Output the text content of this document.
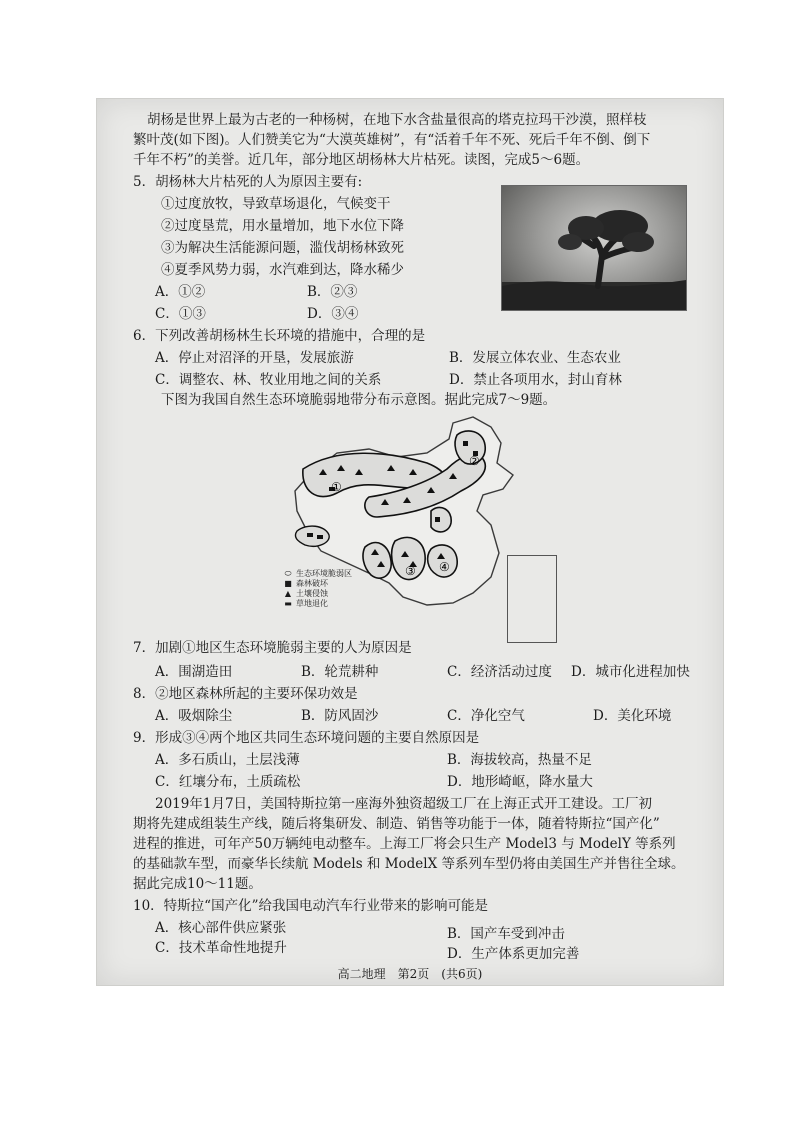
胡杨是世界上最为古老的一种杨树，在地下水含盐量很高的塔克拉玛干沙漠，照样枝
繁叶茂(如下图)。人们赞美它为“大漠英雄树”，有“活着千年不死、死后千年不倒、倒下
千年不朽”的美誉。近几年，部分地区胡杨林大片枯死。读图，完成5～6题。
5．胡杨林大片枯死的人为原因主要有:
①过度放牧，导致草场退化，气候变干
②过度垦荒，用水量增加，地下水位下降
③为解决生活能源问题，滥伐胡杨林致死
④夏季风势力弱，水汽难到达，降水稀少
A．①②	B．②③
C．①③	D．③④
6．下列改善胡杨林生长环境的措施中，合理的是
A．停止对沼泽的开垦，发展旅游	B．发展立体农业、生态农业
C．调整农、林、牧业用地之间的关系	D．禁止各项用水，封山育林
下图为我国自然生态环境脆弱地带分布示意图。据此完成7～9题。
①
②
③ ④
⬭ 生态环境脆弱区
■ 森林破坏
▲ 土壤侵蚀
▬ 草地退化
7．加剧①地区生态环境脆弱主要的人为原因是
A．围湖造田	B．轮荒耕种	C．经济活动过度 D．城市化进程加快
8．②地区森林所起的主要环保功效是
A．吸烟除尘	B．防风固沙	C．净化空气	D．美化环境
9．形成③④两个地区共同生态环境问题的主要自然原因是
A．多石质山，土层浅薄	B．海拔较高，热量不足
C．红壤分布，土质疏松	D．地形崎岖，降水量大
2019年1月7日，美国特斯拉第一座海外独资超级工厂在上海正式开工建设。工厂初
期将先建成组装生产线，随后将集研发、制造、销售等功能于一体，随着特斯拉“国产化”
进程的推进，可年产50万辆纯电动整车。上海工厂将会只生产 Model3 与 ModelY 等系列
的基础款车型，而豪华长续航 Models 和 ModelX 等系列车型仍将由美国生产并售往全球。
据此完成10～11题。
10．特斯拉“国产化”给我国电动汽车行业带来的影响可能是
A．核心部件供应紧张	B．国产车受到冲击
C．技术革命性地提升	D．生产体系更加完善
高二地理　第2页　(共6页)
